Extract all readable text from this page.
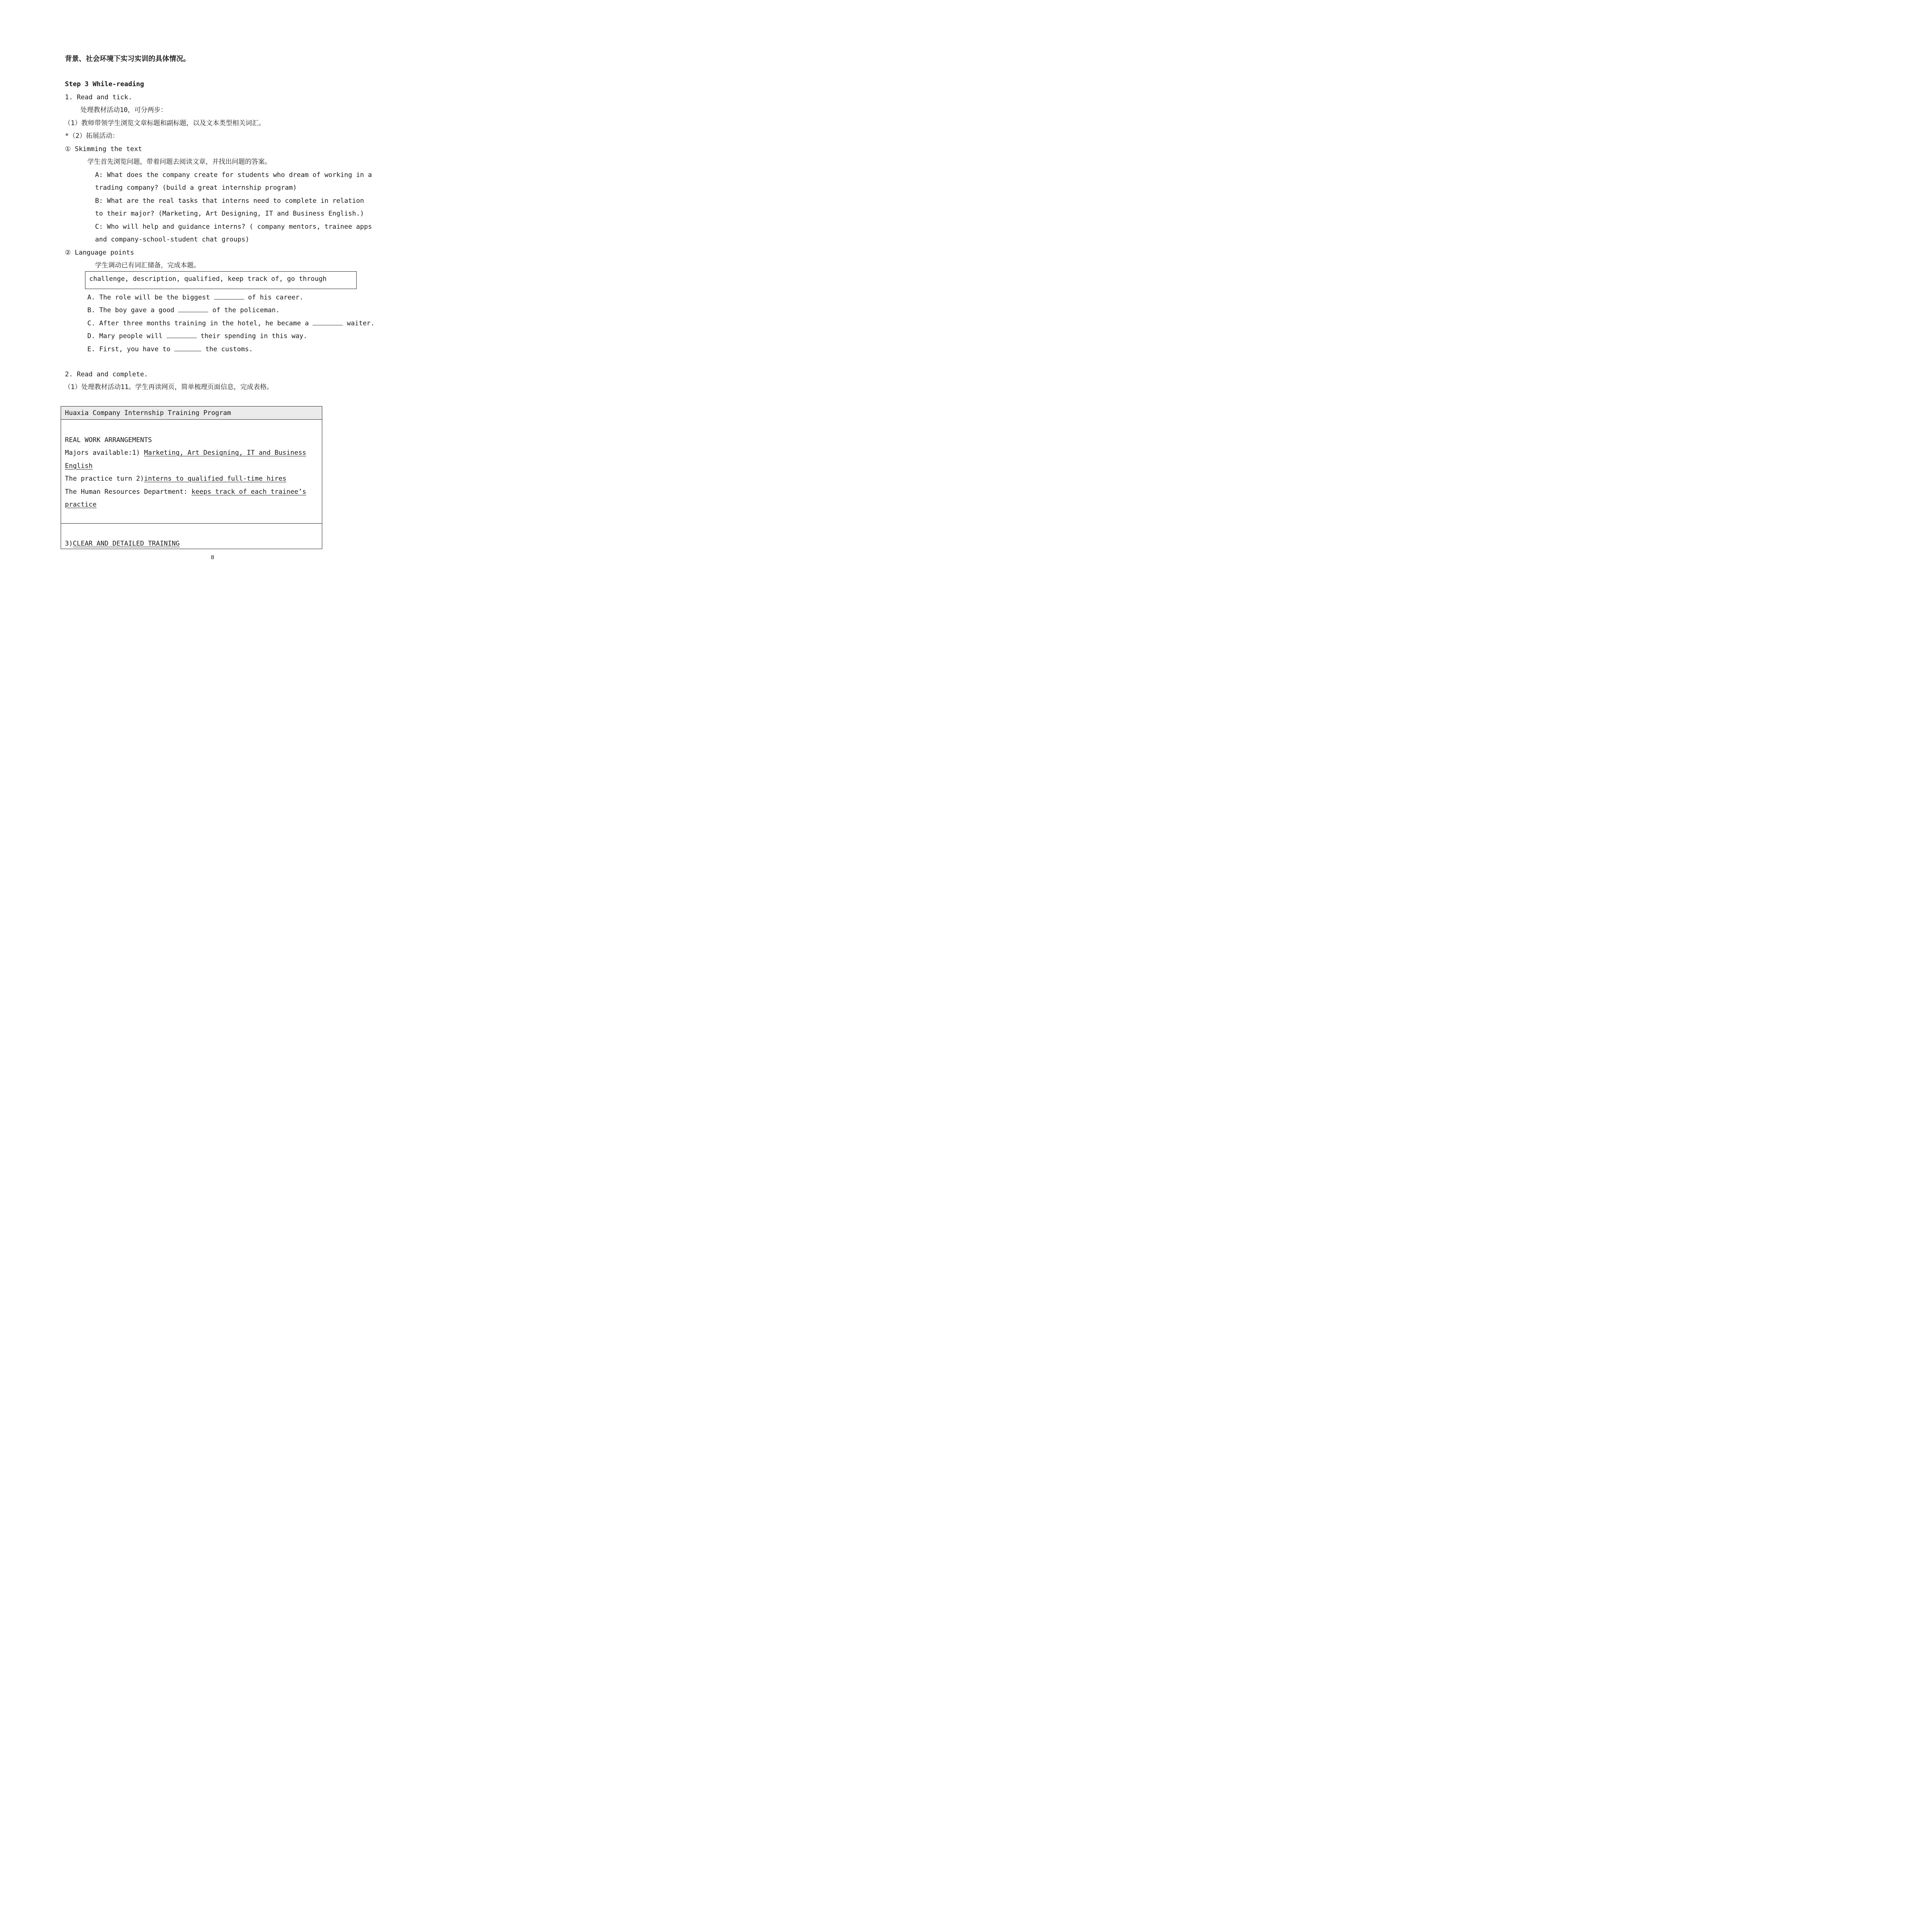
背景、社会环境下实习实训的具体情况。
Step 3 While-reading
1. Read and tick.
处理教材活动10，可分两步：
（1）教师带领学生浏览文章标题和副标题，以及文本类型相关词汇。
*（2）拓展活动：
① Skimming the text
学生首先浏览问题，带着问题去阅读文章，并找出问题的答案。
A: What does the company create for students who dream of working in a
trading company? (build a great internship program)
B: What are the real tasks that interns need to complete in relation
to their major? (Marketing, Art Designing, IT and Business English.)
C: Who will help and guidance interns? ( company mentors, trainee apps
and company-school-student chat groups)
② Language points
学生调动已有词汇储备，完成本题。
challenge, description, qualified, keep track of, go through
A. The role will be the biggest	of his career.
B. The boy gave a good	of the policeman.
C. After three months training in the hotel, he became a	waiter.
D. Mary people will	their spending in this way.
E. First, you have to	the customs.
2. Read and complete.
（1）处理教材活动11。学生再读网页，简单梳理页面信息，完成表格。
Huaxia Company Internship Training Program
REAL WORK ARRANGEMENTS
Majors available:1) Marketing, Art Designing, IT and Business
English
The practice turn 2)interns to qualified full-time hires
The Human Resources Department: keeps track of each trainee’s
practice
3)CLEAR AND DETAILED TRAINING
8
